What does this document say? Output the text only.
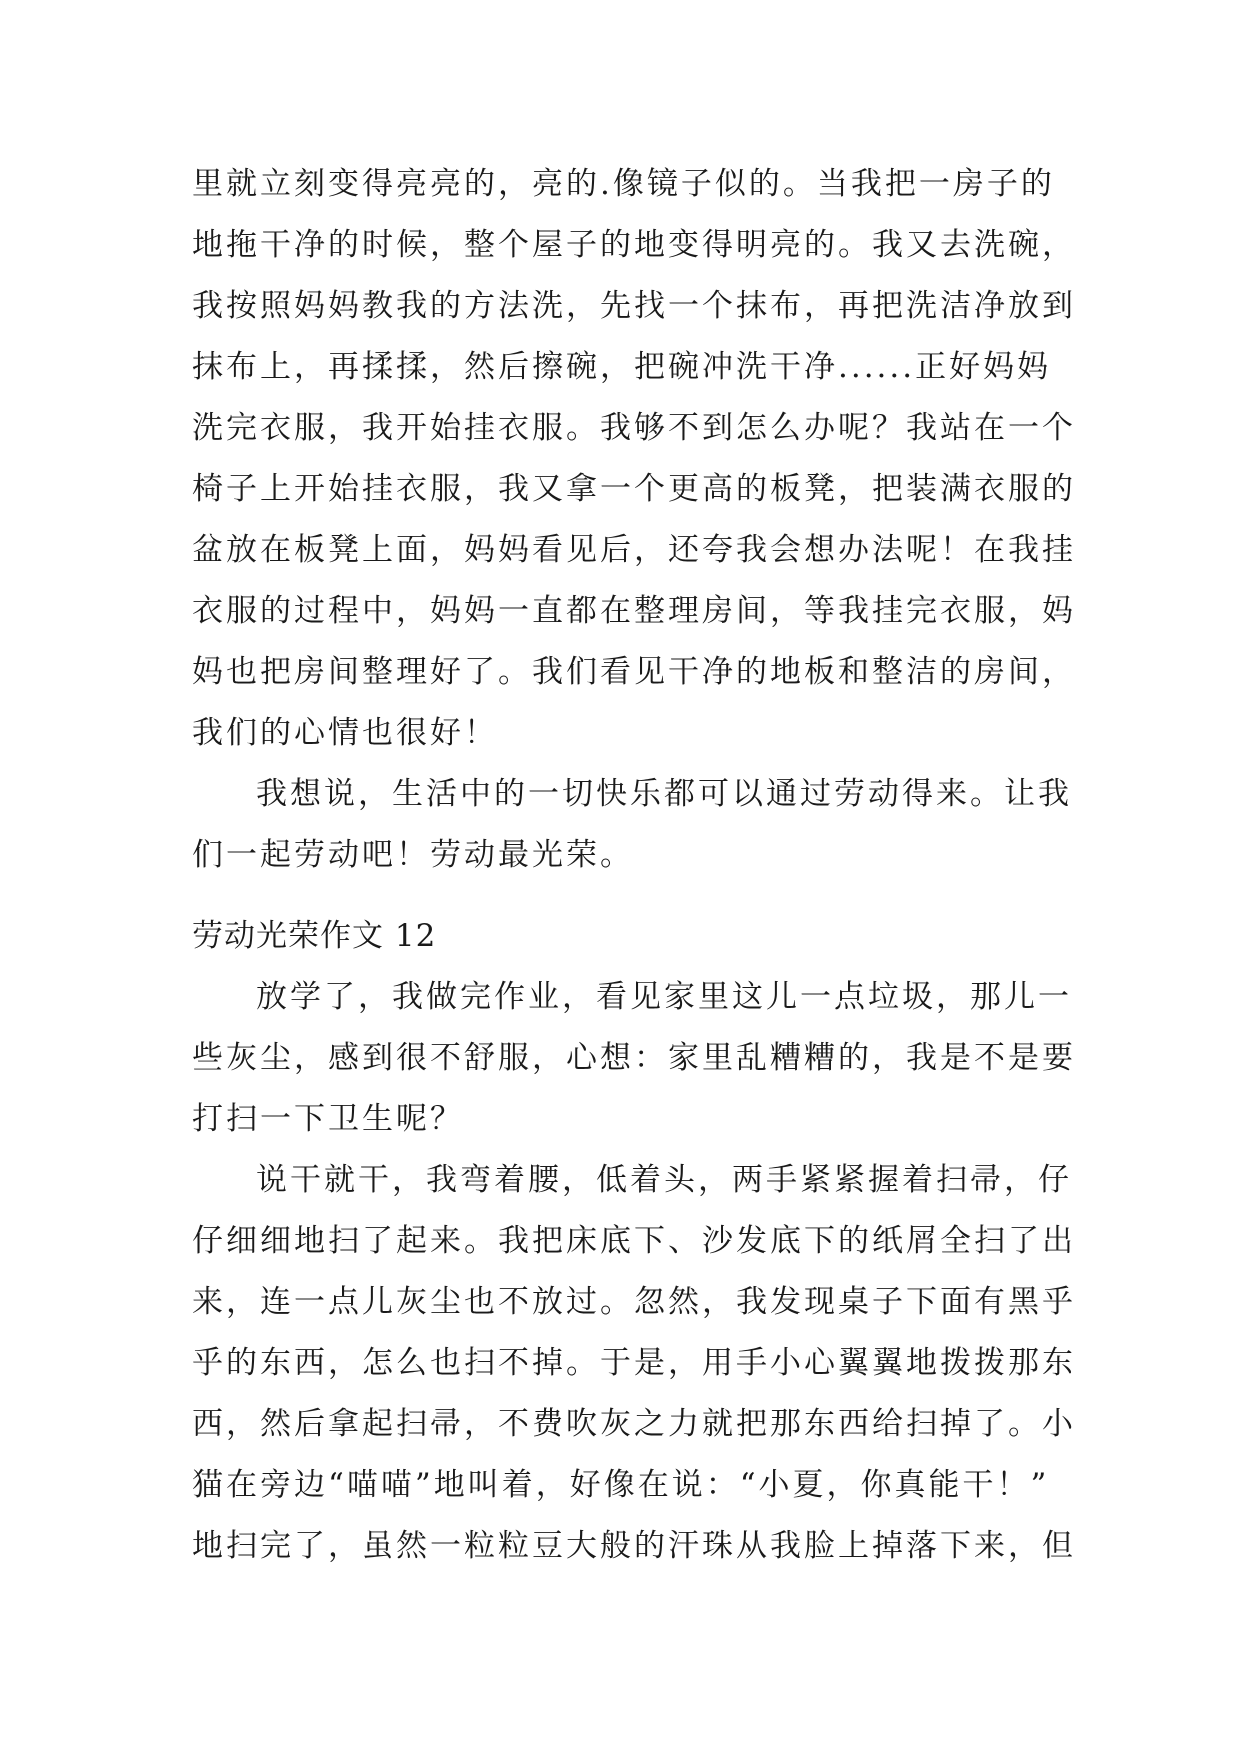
里就立刻变得亮亮的，亮的.像镜子似的。当我把一房子的
地拖干净的时候，整个屋子的地变得明亮的。我又去洗碗，
我按照妈妈教我的方法洗，先找一个抹布，再把洗洁净放到
抹布上，再揉揉，然后擦碗，把碗冲洗干净......正好妈妈
洗完衣服，我开始挂衣服。我够不到怎么办呢？我站在一个
椅子上开始挂衣服，我又拿一个更高的板凳，把装满衣服的
盆放在板凳上面，妈妈看见后，还夸我会想办法呢！在我挂
衣服的过程中，妈妈一直都在整理房间，等我挂完衣服，妈
妈也把房间整理好了。我们看见干净的地板和整洁的房间，
我们的心情也很好！
我想说，生活中的一切快乐都可以通过劳动得来。让我
们一起劳动吧！劳动最光荣。
劳动光荣作文 12
放学了，我做完作业，看见家里这儿一点垃圾，那儿一
些灰尘，感到很不舒服，心想：家里乱糟糟的，我是不是要
打扫一下卫生呢？
说干就干，我弯着腰，低着头，两手紧紧握着扫帚，仔
仔细细地扫了起来。我把床底下、沙发底下的纸屑全扫了出
来，连一点儿灰尘也不放过。忽然，我发现桌子下面有黑乎
乎的东西，怎么也扫不掉。于是，用手小心翼翼地拨拨那东
西，然后拿起扫帚，不费吹灰之力就把那东西给扫掉了。小
猫在旁边“喵喵”地叫着，好像在说：“小夏，你真能干！”
地扫完了，虽然一粒粒豆大般的汗珠从我脸上掉落下来，但
